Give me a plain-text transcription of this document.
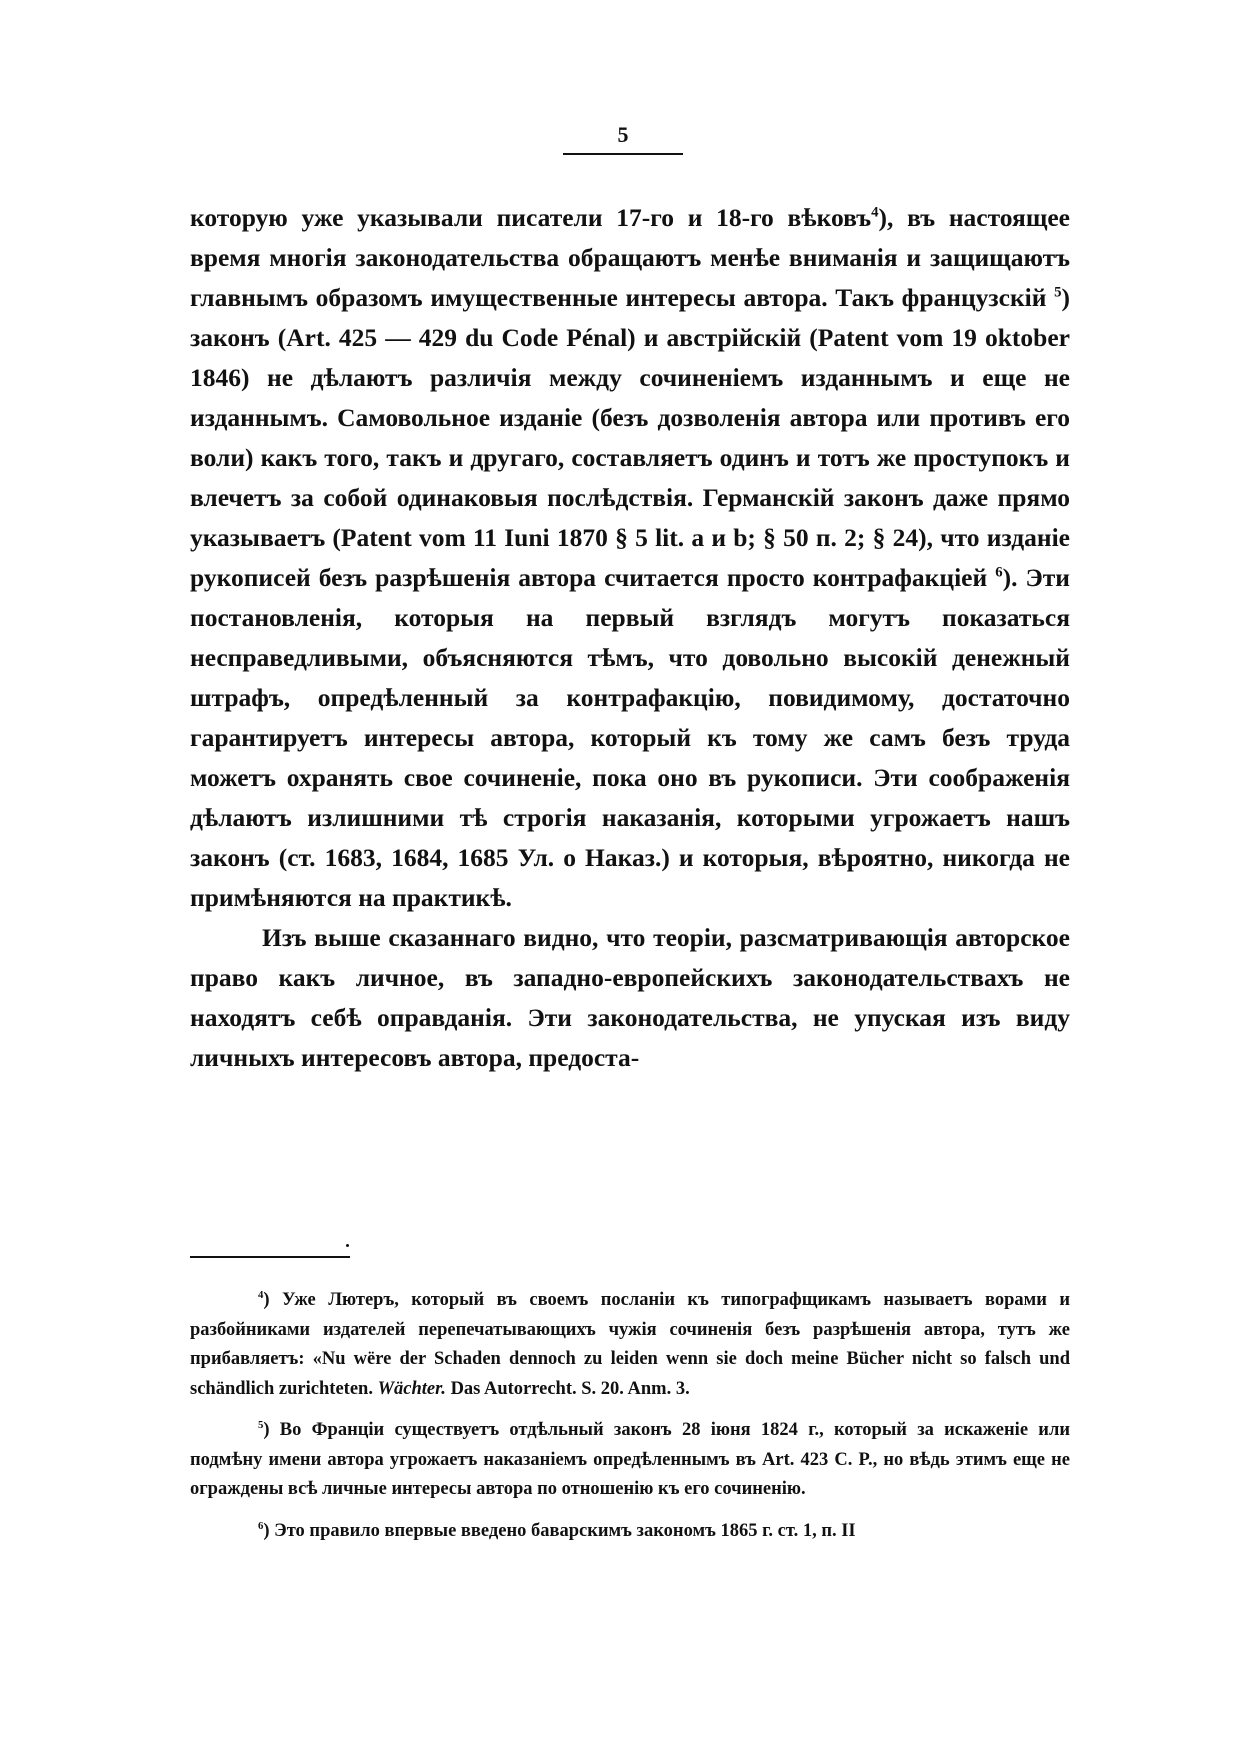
5

которую уже указывали писатели 17-го и 18-го вѣковъ$^4$), въ настоящее время многія законодательства обращаютъ менѣе вниманія и защищаютъ главнымъ образомъ имущественные интересы автора. Такъ французскій $^5$) законъ (Art. 425 — 429 du Code Pénal) и австрійскій (Patent vom 19 oktober 1846) не дѣлаютъ различія между сочиненіемъ изданнымъ и еще не изданнымъ. Самовольное изданіе (безъ дозволенія автора или противъ его воли) какъ того, такъ и другаго, составляетъ одинъ и тотъ же проступокъ и влечетъ за собой одинаковыя послѣдствія. Германскій законъ даже прямо указываетъ (Patent vom 11 Iuni 1870 § 5 lit. a и b; § 50 п. 2; § 24), что изданіе рукописей безъ разрѣшенія автора считается просто контрафакціей $^6$). Эти постановленія, которыя на первый взглядъ могутъ показаться несправедливыми, объясняются тѣмъ, что довольно высокій денежный штрафъ, опредѣленный за контрафакцію, повидимому, достаточно гарантируетъ интересы автора, который къ тому же самъ безъ труда можетъ охранять свое сочиненіе, пока оно въ рукописи. Эти соображенія дѣлаютъ излишними тѣ строгія наказанія, которыми угрожаетъ нашъ законъ (ст. 1683, 1684, 1685 Ул. о Наказ.) и которыя, вѣроятно, никогда не примѣняются на практикѣ.

Изъ выше сказаннаго видно, что теоріи, разсматривающія авторское право какъ личное, въ западно-европейскихъ законодательствахъ не находятъ себѣ оправданія. Эти законодательства, не упуская изъ виду личныхъ интересовъ автора, предоста-

$^4$) Уже Лютеръ, который въ своемъ посланіи къ типографщикамъ называетъ ворами и разбойниками издателей перепечатывающихъ чужія сочиненія безъ разрѣшенія автора, тутъ же прибавляетъ: «Nu wëre der Schaden dennoch zu leiden wenn sie doch meine Bücher nicht so falsch und schändlich zurichteten. Wächter. Das Autorrecht. S. 20. Anm. 3.

$^5$) Во Франціи существуетъ отдѣльный законъ 28 іюня 1824 г., который за искаженіе или подмѣну имени автора угрожаетъ наказаніемъ опредѣленнымъ въ Art. 423 С. P., но вѣдь этимъ еще не ограждены всѣ личные интересы автора по отношенію къ его сочиненію.

$^6$) Это правило впервые введено баварскимъ закономъ 1865 г. ст. 1, п. II
